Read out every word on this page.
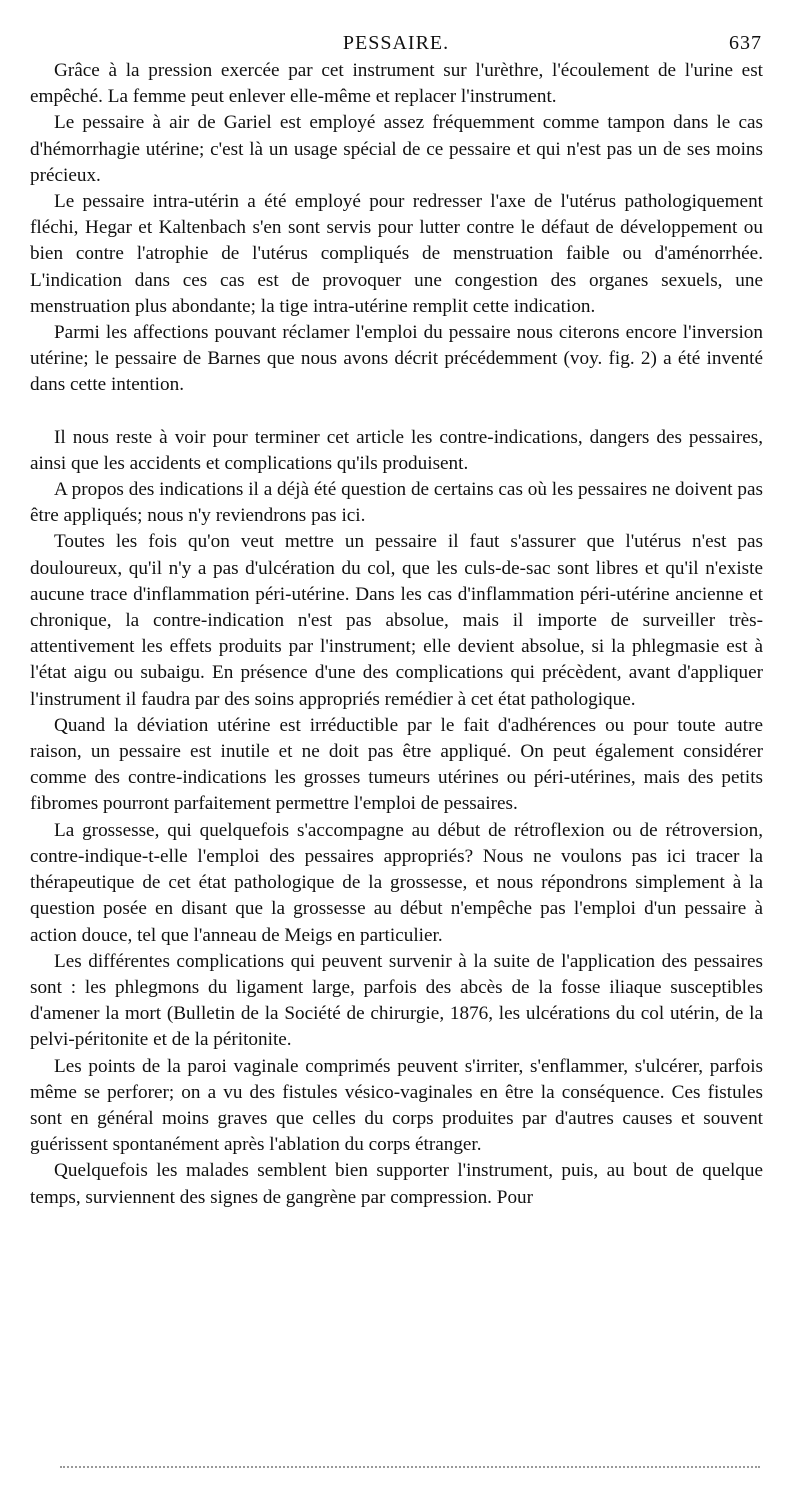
PESSAIRE.	637

Grâce à la pression exercée par cet instrument sur l'urèthre, l'écoulement de l'urine est empêché. La femme peut enlever elle-même et replacer l'instrument.

Le pessaire à air de Gariel est employé assez fréquemment comme tampon dans le cas d'hémorrhagie utérine; c'est là un usage spécial de ce pessaire et qui n'est pas un de ses moins précieux.

Le pessaire intra-utérin a été employé pour redresser l'axe de l'utérus pathologiquement fléchi, Hegar et Kaltenbach s'en sont servis pour lutter contre le défaut de développement ou bien contre l'atrophie de l'utérus compliqués de menstruation faible ou d'aménorrhée. L'indication dans ces cas est de provoquer une congestion des organes sexuels, une menstruation plus abondante; la tige intra-utérine remplit cette indication.

Parmi les affections pouvant réclamer l'emploi du pessaire nous citerons encore l'inversion utérine; le pessaire de Barnes que nous avons décrit précédemment (voy. fig. 2) a été inventé dans cette intention.

Il nous reste à voir pour terminer cet article les contre-indications, dangers des pessaires, ainsi que les accidents et complications qu'ils produisent.

A propos des indications il a déjà été question de certains cas où les pessaires ne doivent pas être appliqués; nous n'y reviendrons pas ici.

Toutes les fois qu'on veut mettre un pessaire il faut s'assurer que l'utérus n'est pas douloureux, qu'il n'y a pas d'ulcération du col, que les culs-de-sac sont libres et qu'il n'existe aucune trace d'inflammation péri-utérine. Dans les cas d'inflammation péri-utérine ancienne et chronique, la contre-indication n'est pas absolue, mais il importe de surveiller très-attentivement les effets produits par l'instrument; elle devient absolue, si la phlegmasie est à l'état aigu ou subaigu. En présence d'une des complications qui précèdent, avant d'appliquer l'instrument il faudra par des soins appropriés remédier à cet état pathologique.

Quand la déviation utérine est irréductible par le fait d'adhérences ou pour toute autre raison, un pessaire est inutile et ne doit pas être appliqué. On peut également considérer comme des contre-indications les grosses tumeurs utérines ou péri-utérines, mais des petits fibromes pourront parfaitement permettre l'emploi de pessaires.

La grossesse, qui quelquefois s'accompagne au début de rétroflexion ou de rétroversion, contre-indique-t-elle l'emploi des pessaires appropriés? Nous ne voulons pas ici tracer la thérapeutique de cet état pathologique de la grossesse, et nous répondrons simplement à la question posée en disant que la grossesse au début n'empêche pas l'emploi d'un pessaire à action douce, tel que l'anneau de Meigs en particulier.

Les différentes complications qui peuvent survenir à la suite de l'application des pessaires sont : les phlegmons du ligament large, parfois des abcès de la fosse iliaque susceptibles d'amener la mort (Bulletin de la Société de chirurgie, 1876, les ulcérations du col utérin, de la pelvi-péritonite et de la péritonite.

Les points de la paroi vaginale comprimés peuvent s'irriter, s'enflammer, s'ulcérer, parfois même se perforer; on a vu des fistules vésico-vaginales en être la conséquence. Ces fistules sont en général moins graves que celles du corps produites par d'autres causes et souvent guérissent spontanément après l'ablation du corps étranger.

Quelquefois les malades semblent bien supporter l'instrument, puis, au bout de quelque temps, surviennent des signes de gangrène par compression. Pour
